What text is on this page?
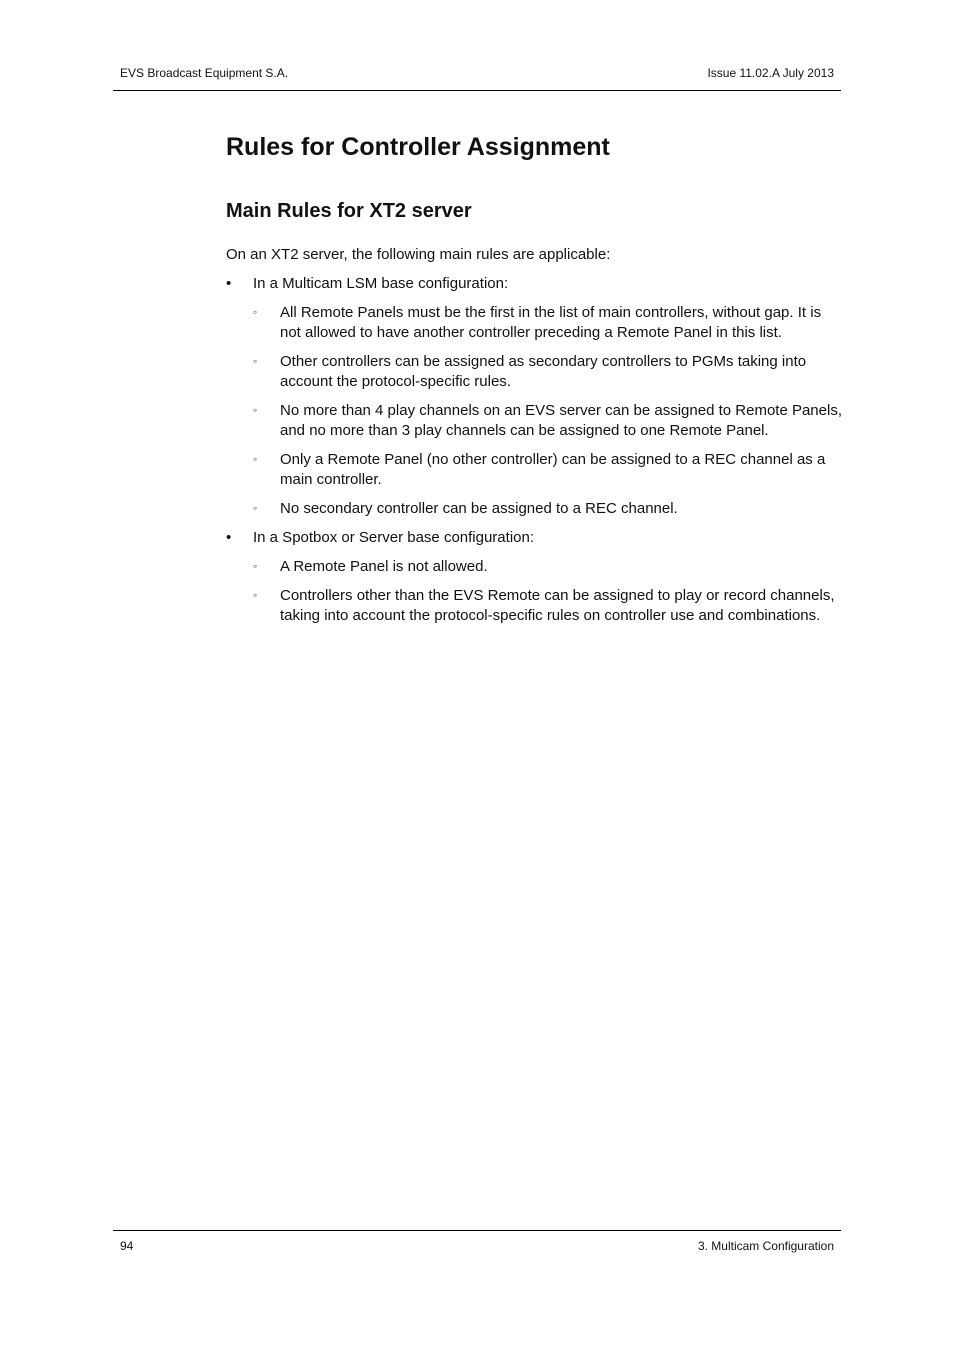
EVS Broadcast Equipment S.A.	Issue 11.02.A July 2013
Rules for Controller Assignment
Main Rules for XT2 server

On an XT2 server, the following main rules are applicable:

• In a Multicam LSM base configuration:
◦ All Remote Panels must be the first in the list of main controllers, without gap. It is not allowed to have another controller preceding a Remote Panel in this list.
◦ Other controllers can be assigned as secondary controllers to PGMs taking into account the protocol-specific rules.
◦ No more than 4 play channels on an EVS server can be assigned to Remote Panels, and no more than 3 play channels can be assigned to one Remote Panel.
◦ Only a Remote Panel (no other controller) can be assigned to a REC channel as a main controller.
◦ No secondary controller can be assigned to a REC channel.
• In a Spotbox or Server base configuration:
◦ A Remote Panel is not allowed.
◦ Controllers other than the EVS Remote can be assigned to play or record channels, taking into account the protocol-specific rules on controller use and combinations.
94	3. Multicam Configuration
